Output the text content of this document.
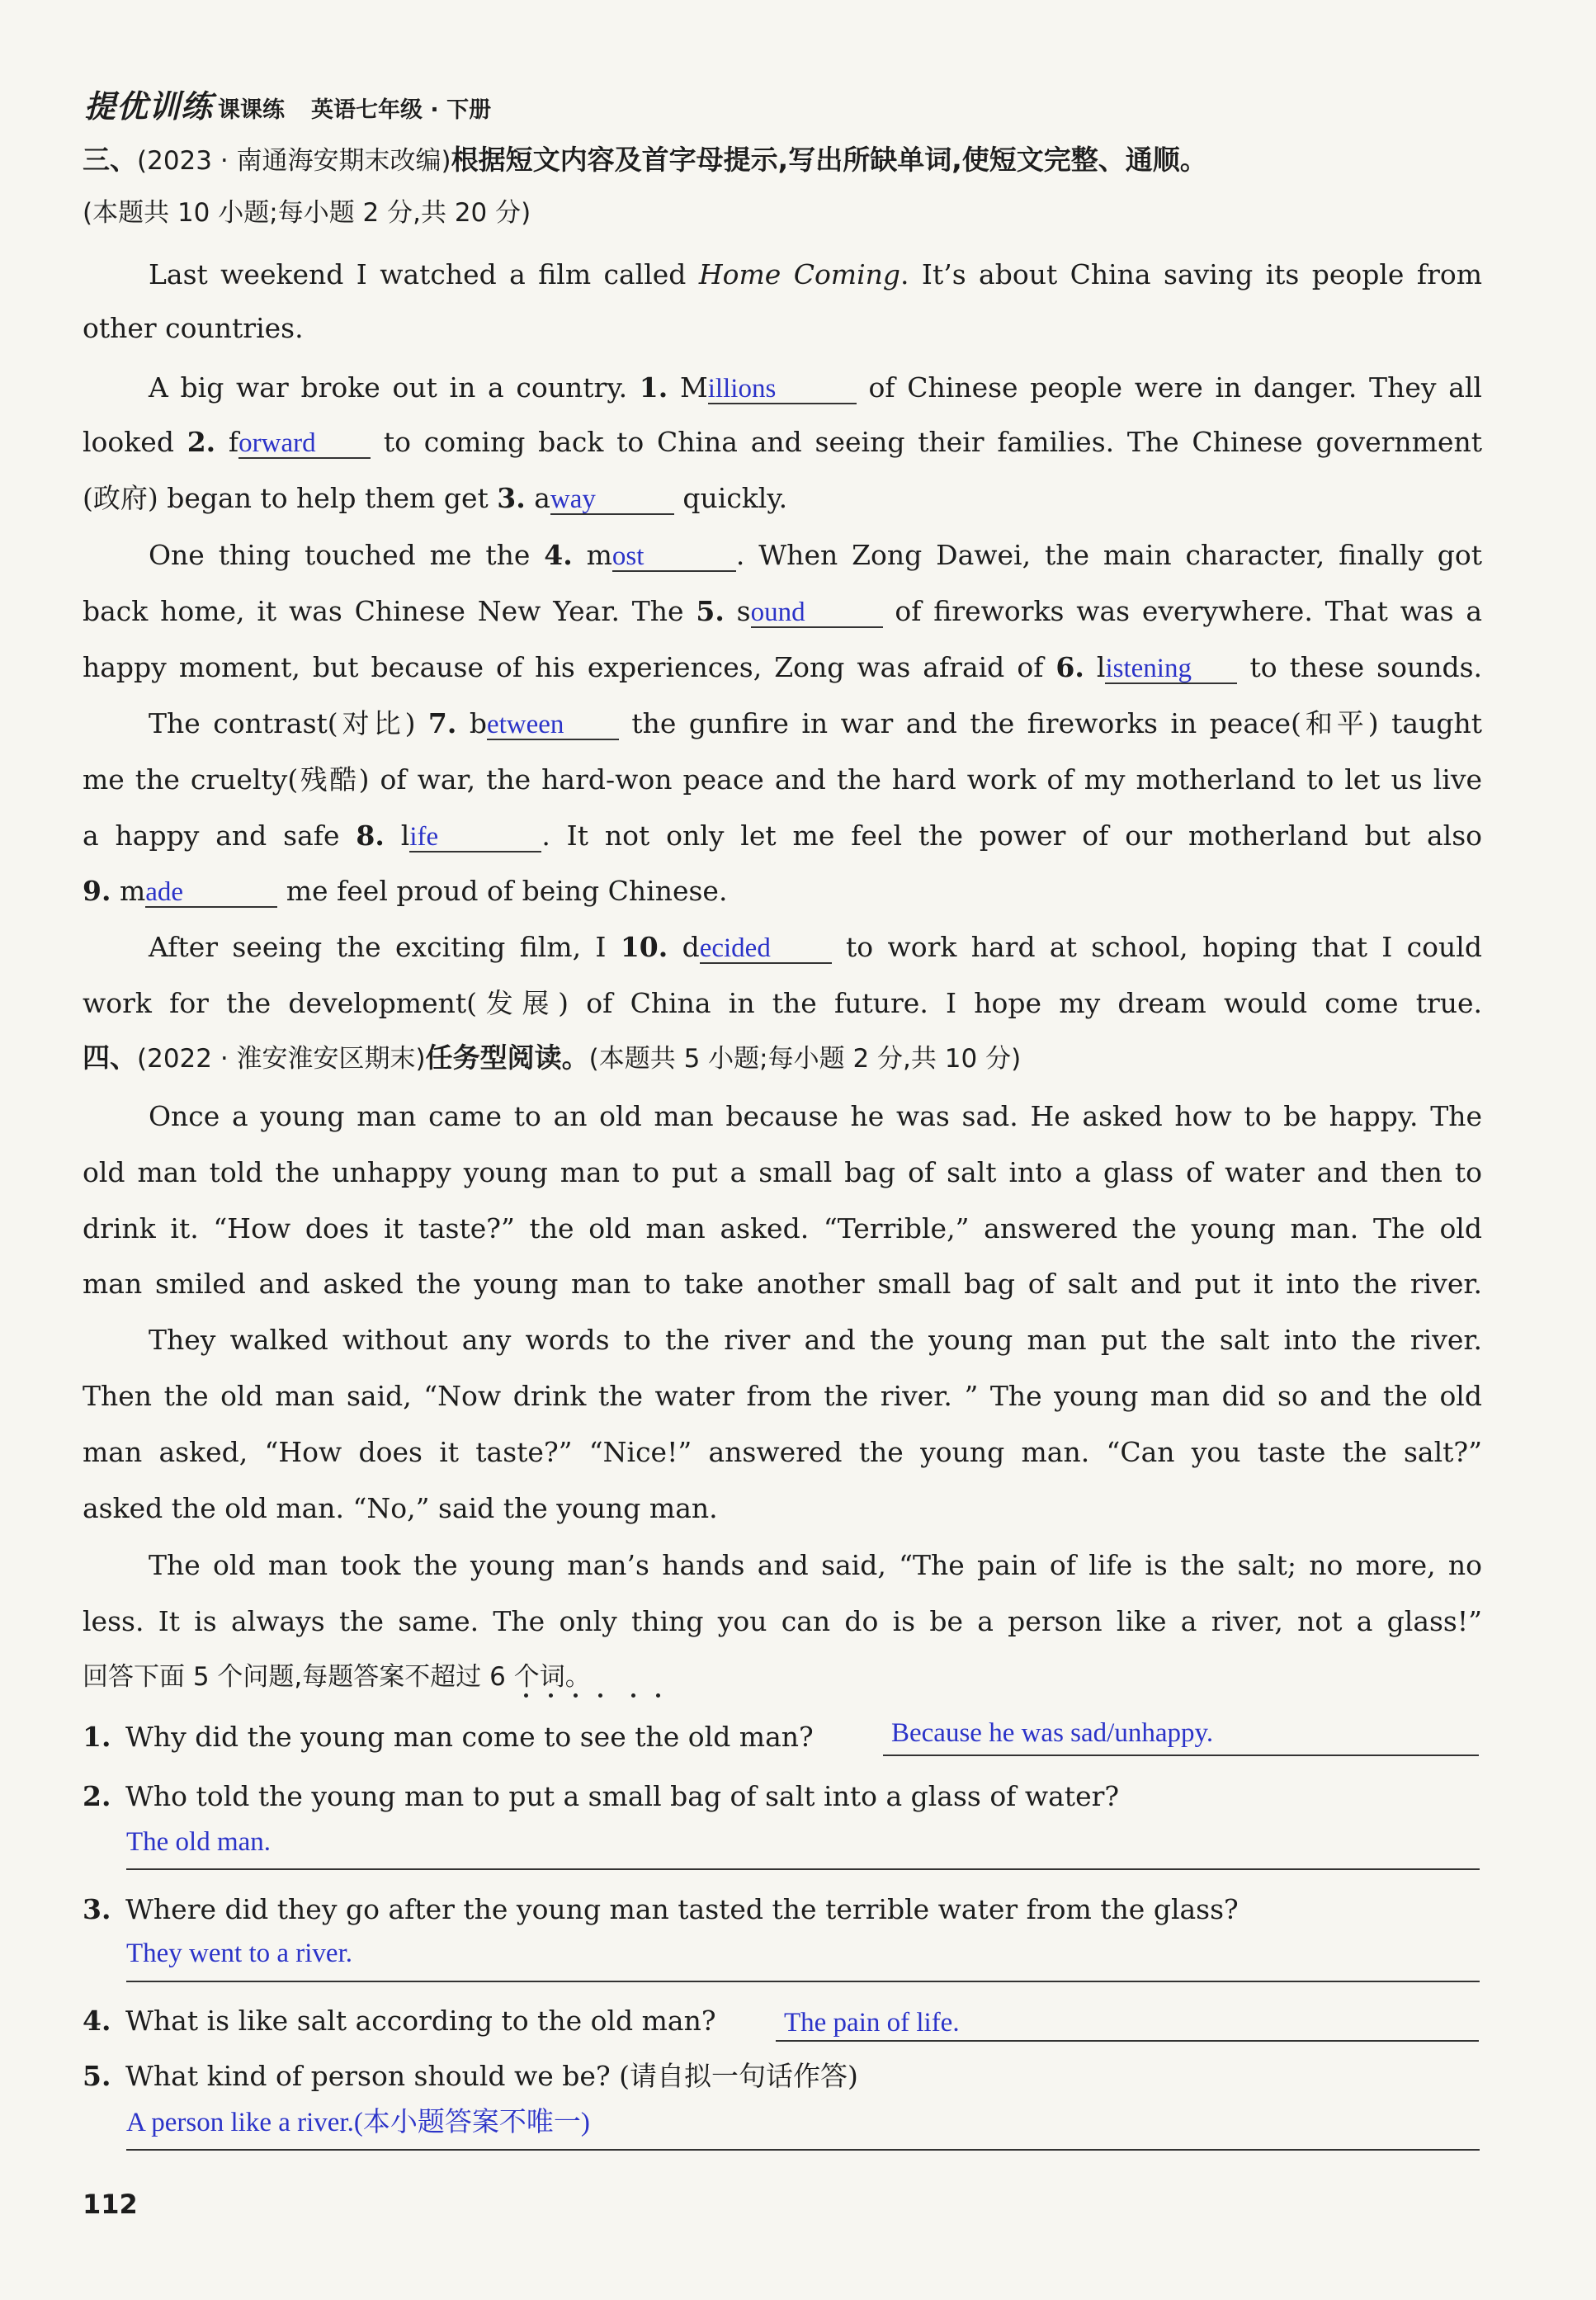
提优训练 课课练 英语七年级 · 下册
三、(2023 · 南通海安期末改编)根据短文内容及首字母提示,写出所缺单词,使短文完整、通顺。
(本题共 10 小题;每小题 2 分,共 20 分)
Last weekend I watched a film called Home Coming. It’s about China saving its people from
other countries.
A big war broke out in a country. 1. Millions	of Chinese people were in danger. They all
looked 2. forward to coming back to China and seeing their families. The Chinese government
(政府) began to help them get 3. away	quickly.
One thing touched me the 4. most	. When Zong Dawei, the main character, finally got
back home, it was Chinese New Year. The 5. sound	of fireworks was everywhere. That was a
happy moment, but because of his experiences, Zong was afraid of 6. listening to these sounds.
The contrast(对比) 7. between the gunfire in war and the fireworks in peace(和平) taught
me the cruelty(残酷) of war, the hard-won peace and the hard work of my motherland to let us live
a happy and safe 8. life	. It not only let me feel the power of our motherland but also
9. made	me feel proud of being Chinese.
After seeing the exciting film, I 10. decided to work hard at school, hoping that I could
work for the development(发展) of China in the future. I hope my dream would come true.
四、(2022 · 淮安淮安区期末)任务型阅读。(本题共 5 小题;每小题 2 分,共 10 分)
Once a young man came to an old man because he was sad. He asked how to be happy. The
old man told the unhappy young man to put a small bag of salt into a glass of water and then to
drink it. “How does it taste?” the old man asked. “Terrible,” answered the young man. The old
man smiled and asked the young man to take another small bag of salt and put it into the river.
They walked without any words to the river and the young man put the salt into the river.
Then the old man said, “Now drink the water from the river. ” The young man did so and the old
man asked, “How does it taste?” “Nice!” answered the young man. “Can you taste the salt?”
asked the old man. “No,” said the young man.
The old man took the young man’s hands and said, “The pain of life is the salt; no more, no
less. It is always the same. The only thing you can do is be a person like a river, not a glass!”
回答下面 5 个问题,每题答案不超过 6 个词。
1. Why did the young man come to see the old man?	Because he was sad/unhappy.
2. Who told the young man to put a small bag of salt into a glass of water?
The old man.
3. Where did they go after the young man tasted the terrible water from the glass?
They went to a river.
4. What is like salt according to the old man? The pain of life.
5. What kind of person should we be? (请自拟一句话作答)
A person like a river.(本小题答案不唯一)
112
